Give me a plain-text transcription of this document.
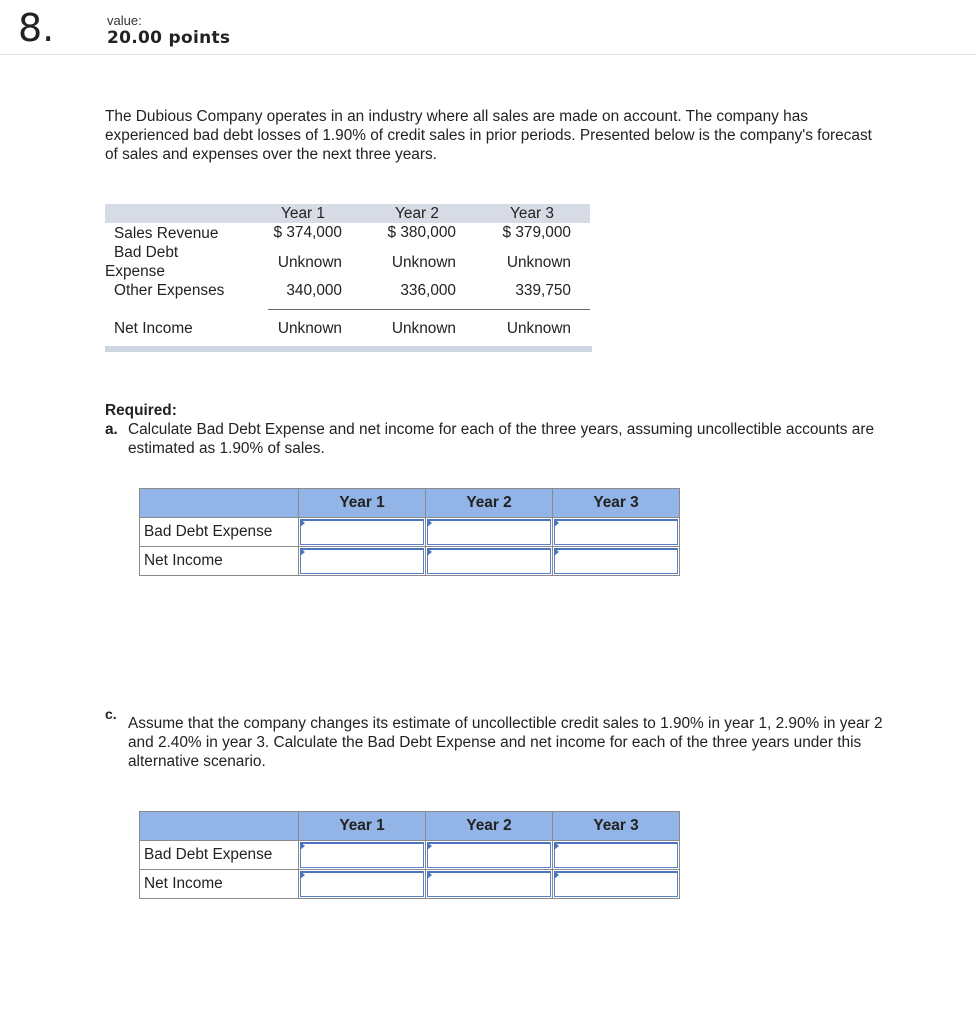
8.	value:
20.00 points
The Dubious Company operates in an industry where all sales are made on account. The company has experienced bad debt losses of 1.90% of credit sales in prior periods. Presented below is the company's forecast of sales and expenses over the next three years.
Year 1	Year 2	Year 3
Sales Revenue	$ 374,000	$ 380,000	$ 379,000
Bad Debt
Expense
Unknown	Unknown	Unknown
Other Expenses	340,000	336,000	339,750
Net Income	Unknown	Unknown	Unknown
Required:
a. Calculate Bad Debt Expense and net income for each of the three years, assuming uncollectible accounts are estimated as 1.90% of sales.
	Year 1	Year 2	Year 3
Bad Debt Expense	

Net Income	

c.
Assume that the company changes its estimate of uncollectible credit sales to 1.90% in year 1, 2.90% in year 2 and 2.40% in year 3. Calculate the Bad Debt Expense and net income for each of the three years under this alternative scenario.
	Year 1	Year 2	Year 3
Bad Debt Expense	

Net Income	
